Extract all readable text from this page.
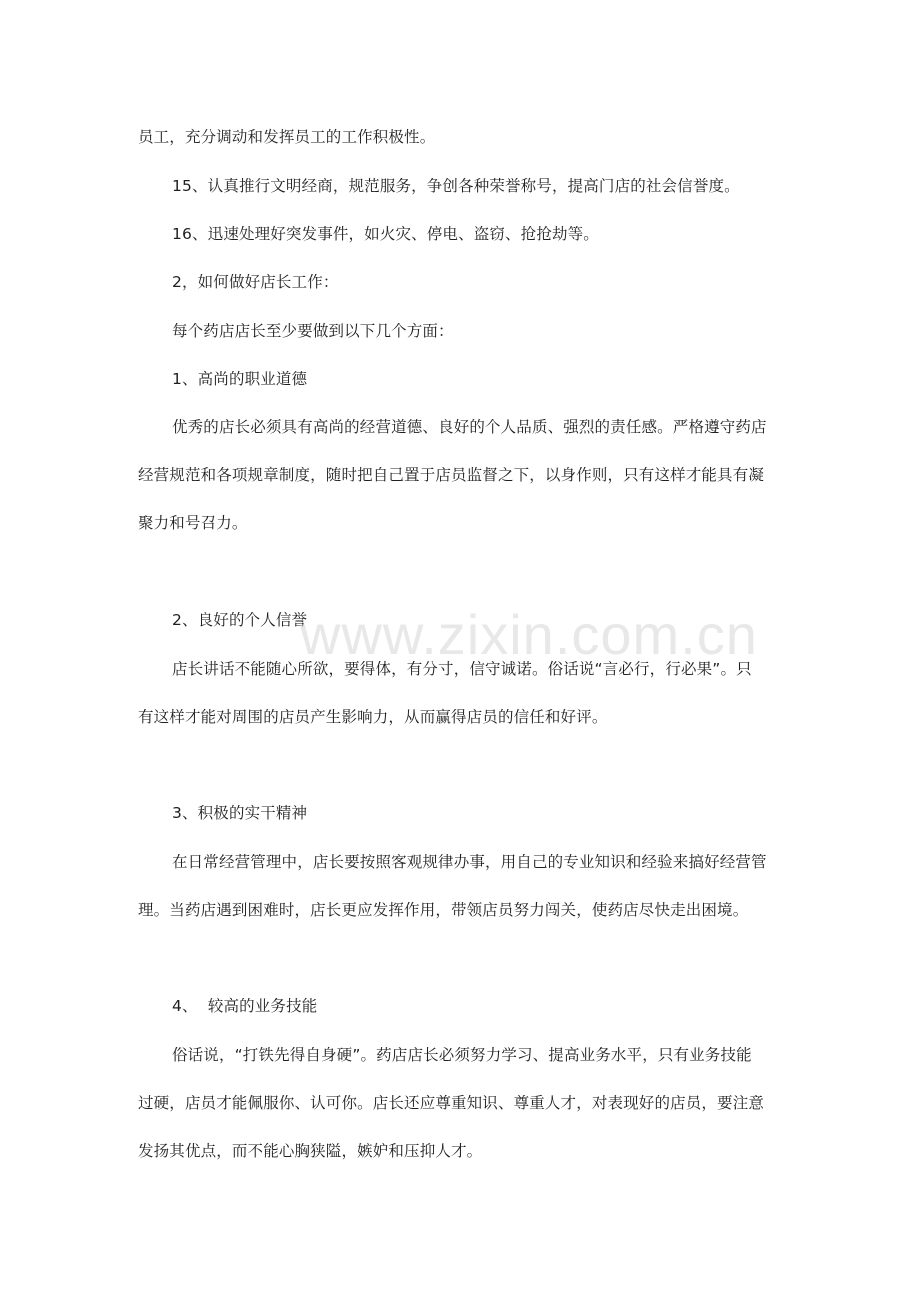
员工，充分调动和发挥员工的工作积极性。
15、认真推行文明经商，规范服务，争创各种荣誉称号，提高门店的社会信誉度。
16、迅速处理好突发事件，如火灾、停电、盗窃、抢抢劫等。
2，如何做好店长工作：
每个药店店长至少要做到以下几个方面：
1、高尚的职业道德
优秀的店长必须具有高尚的经营道德、良好的个人品质、强烈的责任感。严格遵守药店
经营规范和各项规章制度，随时把自己置于店员监督之下，以身作则，只有这样才能具有凝
聚力和号召力。
2、良好的个人信誉
店长讲话不能随心所欲，要得体，有分寸，信守诚诺。俗话说“言必行，行必果”。只
有这样才能对周围的店员产生影响力，从而赢得店员的信任和好评。
3、积极的实干精神
在日常经营管理中，店长要按照客观规律办事，用自己的专业知识和经验来搞好经营管
理。当药店遇到困难时，店长更应发挥作用，带领店员努力闯关，使药店尽快走出困境。
4、  较高的业务技能
俗话说，“打铁先得自身硬”。药店店长必须努力学习、提高业务水平，只有业务技能
过硬，店员才能佩服你、认可你。店长还应尊重知识、尊重人才，对表现好的店员，要注意
发扬其优点，而不能心胸狭隘，嫉妒和压抑人才。
www.zixin.com.cn
